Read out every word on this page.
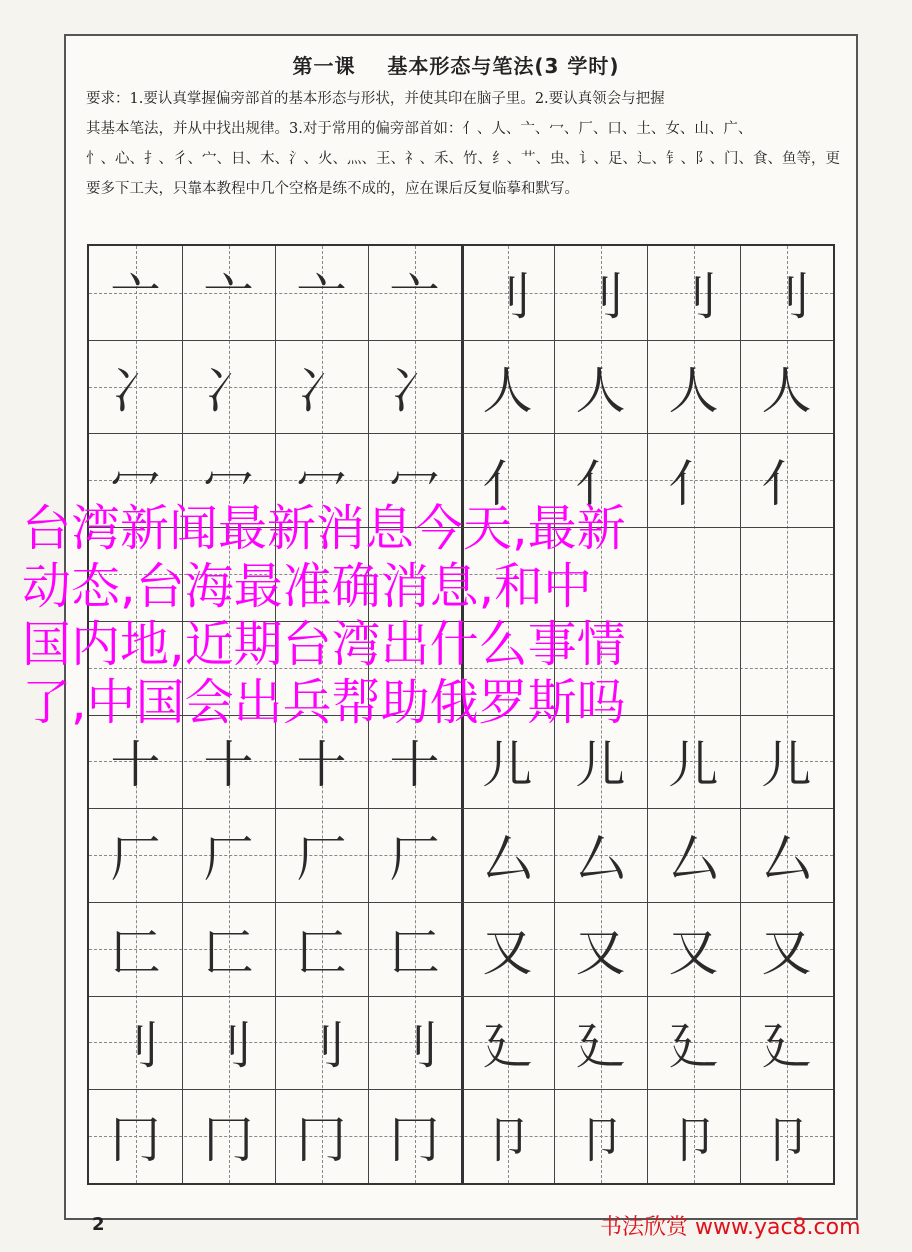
第一课 基本形态与笔法(3 学时)
要求：1.要认真掌握偏旁部首的基本形态与形状，并使其印在脑子里。2.要认真领会与把握
其基本笔法，并从中找出规律。3.对于常用的偏旁部首如：亻、人、亠、冖、厂、口、土、女、山、广、
忄、心、扌、彳、宀、日、木、氵、火、灬、王、礻、禾、竹、纟、艹、虫、讠、足、辶、钅、阝、门、食、鱼等，更
要多下工夫，只靠本教程中几个空格是练不成的，应在课后反复临摹和默写。
亠 亠 亠 亠 刂 刂 刂 刂
冫 冫 冫 冫 人 人 人 人
冖 冖 冖 冖 亻 亻 亻 亻
十 十 十 十 儿 儿 儿 儿
厂 厂 厂 厂 厶 厶 厶 厶
匚 匚 匚 匚 又 又 又 又
刂 刂 刂 刂 廴 廴 廴 廴
冂 冂 冂 冂 卩 卩 卩 卩
台湾新闻最新消息今天,最新
动态,台海最准确消息,和中
国内地,近期台湾出什么事情
了,中国会出兵帮助俄罗斯吗
2	书法欣赏 www.yac8.com
